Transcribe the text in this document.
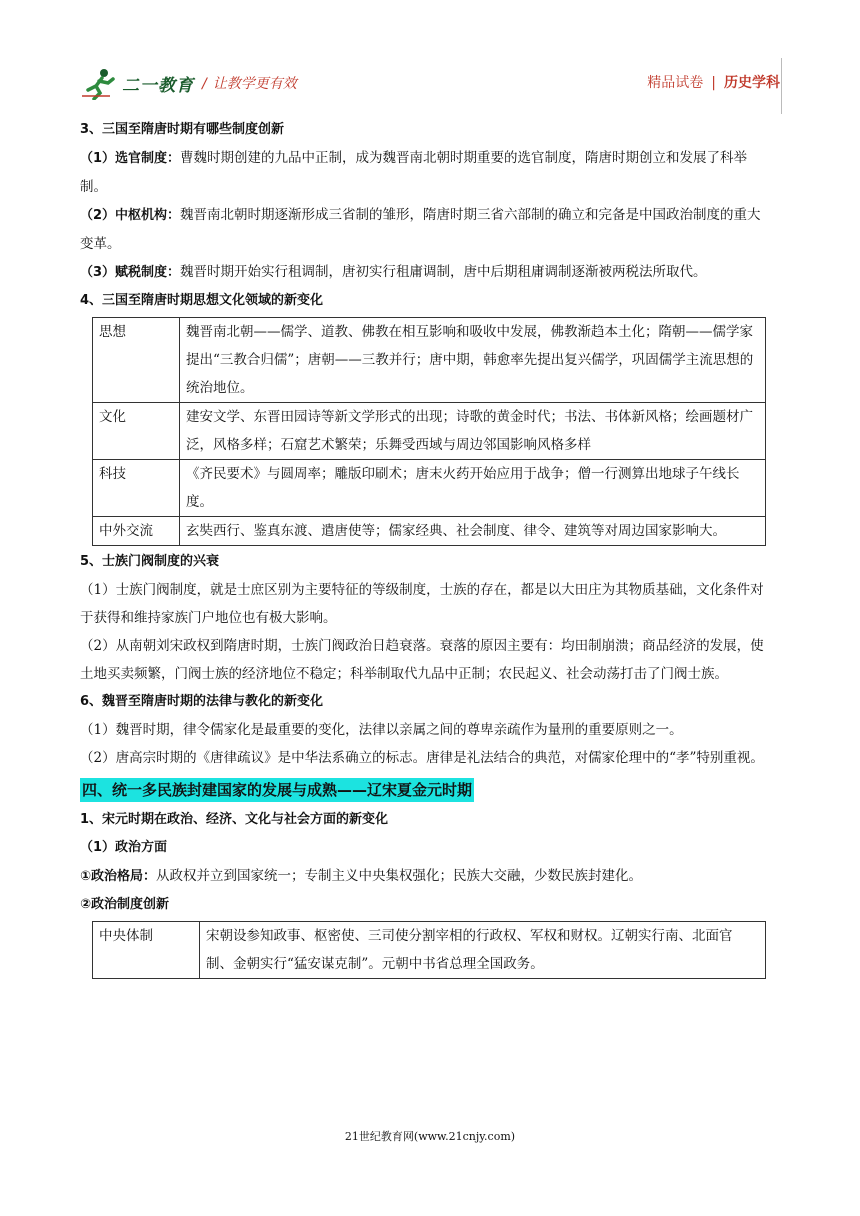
二一教育 / 让教学更有效	精品试卷 | 历史学科

3、三国至隋唐时期有哪些制度创新

（1）选官制度：曹魏时期创建的九品中正制，成为魏晋南北朝时期重要的选官制度，隋唐时期创立和发展了科举制。

（2）中枢机构：魏晋南北朝时期逐渐形成三省制的雏形，隋唐时期三省六部制的确立和完备是中国政治制度的重大变革。

（3）赋税制度：魏晋时期开始实行租调制，唐初实行租庸调制，唐中后期租庸调制逐渐被两税法所取代。

4、三国至隋唐时期思想文化领域的新变化

思想	魏晋南北朝——儒学、道教、佛教在相互影响和吸收中发展，佛教渐趋本土化；隋朝——儒学家提出“三教合归儒”；唐朝——三教并行；唐中期，韩愈率先提出复兴儒学，巩固儒学主流思想的统治地位。
文化	建安文学、东晋田园诗等新文学形式的出现；诗歌的黄金时代；书法、书体新风格；绘画题材广泛，风格多样；石窟艺术繁荣；乐舞受西域与周边邻国影响风格多样
科技	《齐民要术》与圆周率；雕版印刷术；唐末火药开始应用于战争；僧一行测算出地球子午线长度。
中外交流	玄奘西行、鉴真东渡、遣唐使等；儒家经典、社会制度、律令、建筑等对周边国家影响大。

5、士族门阀制度的兴衰

（1）士族门阀制度，就是士庶区别为主要特征的等级制度，士族的存在，都是以大田庄为其物质基础，文化条件对于获得和维持家族门户地位也有极大影响。

（2）从南朝刘宋政权到隋唐时期，士族门阀政治日趋衰落。衰落的原因主要有：均田制崩溃；商品经济的发展，使土地买卖频繁，门阀士族的经济地位不稳定；科举制取代九品中正制；农民起义、社会动荡打击了门阀士族。

6、魏晋至隋唐时期的法律与教化的新变化

（1）魏晋时期，律令儒家化是最重要的变化，法律以亲属之间的尊卑亲疏作为量刑的重要原则之一。

（2）唐高宗时期的《唐律疏议》是中华法系确立的标志。唐律是礼法结合的典范，对儒家伦理中的“孝”特别重视。

四、统一多民族封建国家的发展与成熟——辽宋夏金元时期

1、宋元时期在政治、经济、文化与社会方面的新变化

（1）政治方面

①政治格局：从政权并立到国家统一；专制主义中央集权强化；民族大交融，少数民族封建化。

②政治制度创新

中央体制	宋朝设参知政事、枢密使、三司使分割宰相的行政权、军权和财权。辽朝实行南、北面官制、金朝实行“猛安谋克制”。元朝中书省总理全国政务。
21世纪教育网(www.21cnjy.com)
